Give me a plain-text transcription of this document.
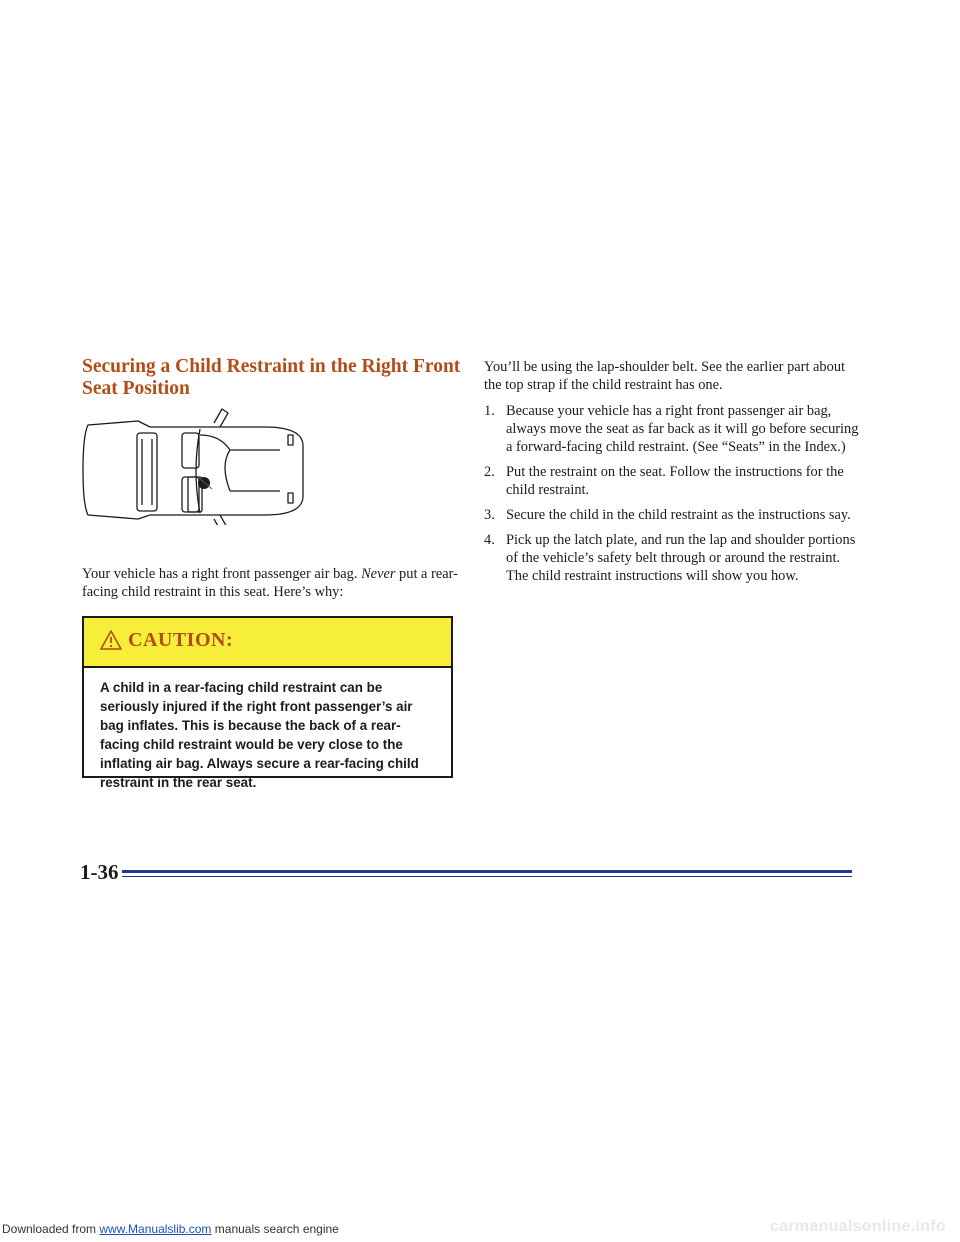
Securing a Child Restraint in the Right Front Seat Position

Your vehicle has a right front passenger air bag. Never put a rear-facing child restraint in this seat. Here’s why:

CAUTION:

A child in a rear-facing child restraint can be seriously injured if the right front passenger’s air bag inflates. This is because the back of a rear-facing child restraint would be very close to the inflating air bag. Always secure a rear-facing child restraint in the rear seat.

You’ll be using the lap-shoulder belt. See the earlier part about the top strap if the child restraint has one.

1. Because your vehicle has a right front passenger air bag, always move the seat as far back as it will go before securing a forward-facing child restraint. (See “Seats” in the Index.)
2. Put the restraint on the seat. Follow the instructions for the child restraint.
3. Secure the child in the child restraint as the instructions say.
4. Pick up the latch plate, and run the lap and shoulder portions of the vehicle’s safety belt through or around the restraint. The child restraint instructions will show you how.
1-36
Downloaded from www.Manualslib.com manuals search engine	carmanualsonline.info
